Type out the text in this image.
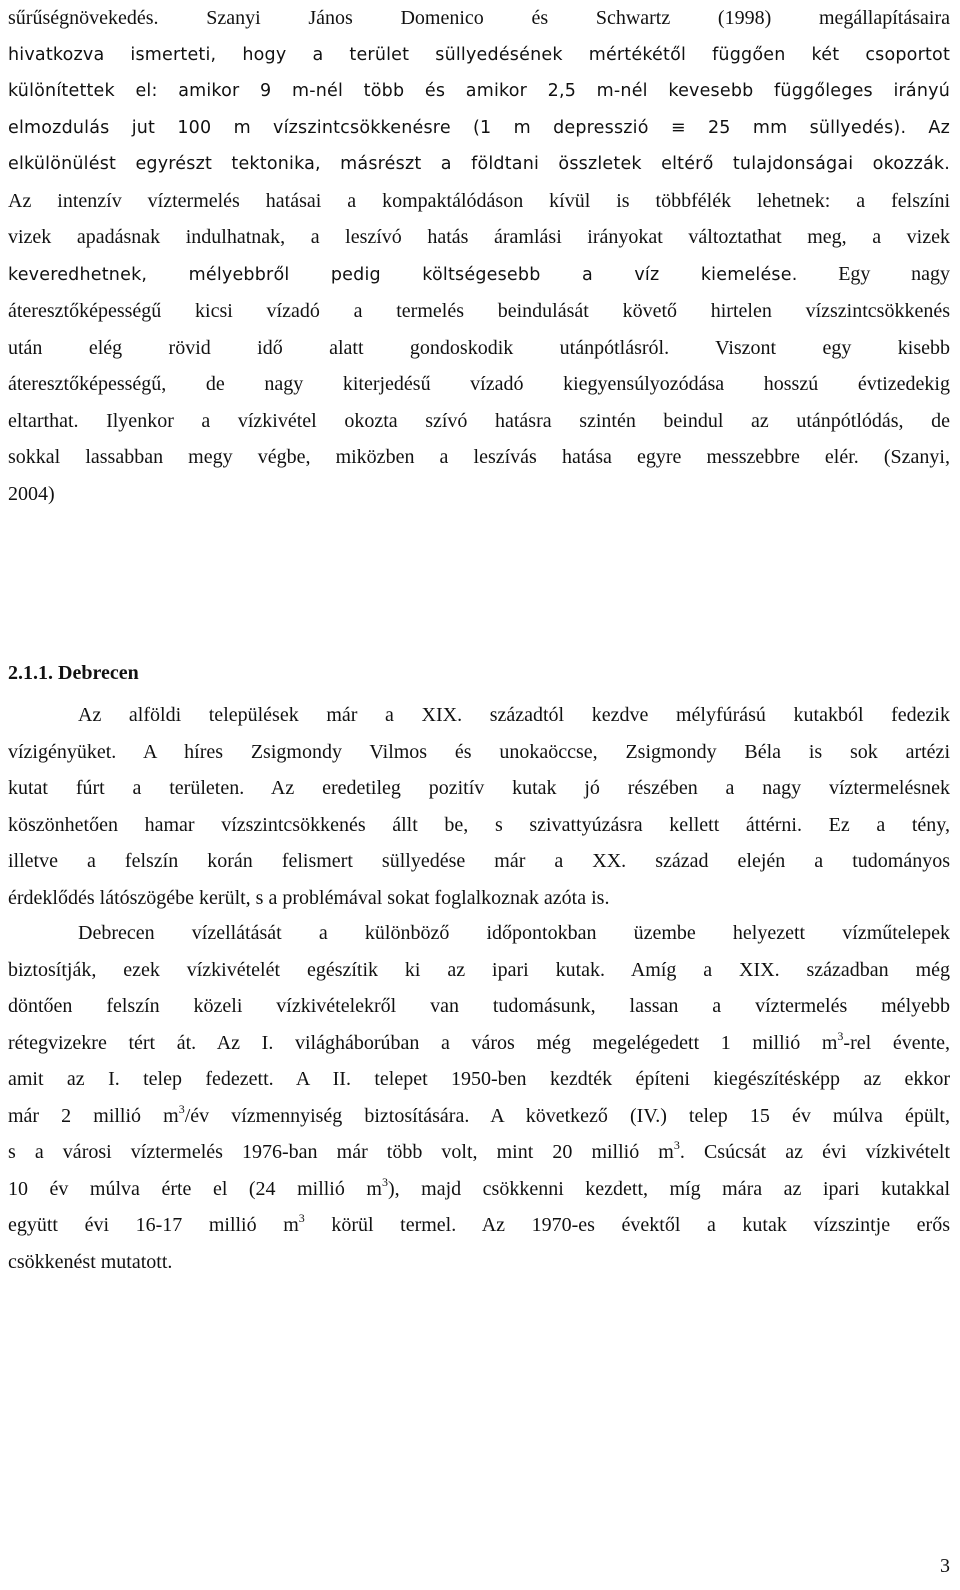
sűrűségnövekedés. Szanyi János Domenico és Schwartz (1998) megállapításaira
hivatkozva ismerteti, hogy a terület süllyedésének mértékétől függően két csoportot
különítettek el: amikor 9 m-nél több és amikor 2,5 m-nél kevesebb függőleges irányú
elmozdulás jut 100 m vízszintcsökkenésre (1 m depresszió ≡ 25 mm süllyedés). Az
elkülönülést egyrészt tektonika, másrészt a földtani összletek eltérő tulajdonságai okozzák.
Az intenzív víztermelés hatásai a kompaktálódáson kívül is többfélék lehetnek: a felszíni
vizek apadásnak indulhatnak, a leszívó hatás áramlási irányokat változtathat meg, a vizek
keveredhetnek, mélyebbről pedig költségesebb a víz kiemelése. Egy nagy
áteresztőképességű kicsi vízadó a termelés beindulását követő hirtelen vízszintcsökkenés
után elég rövid idő alatt gondoskodik utánpótlásról. Viszont egy kisebb
áteresztőképességű, de nagy kiterjedésű vízadó kiegyensúlyozódása hosszú évtizedekig
eltarthat. Ilyenkor a vízkivétel okozta szívó hatásra szintén beindul az utánpótlódás, de
sokkal lassabban megy végbe, miközben a leszívás hatása egyre messzebbre elér. (Szanyi,
2004)
2.1.1. Debrecen
Az alföldi települések már a XIX. századtól kezdve mélyfúrású kutakból fedezik
vízigényüket. A híres Zsigmondy Vilmos és unokaöccse, Zsigmondy Béla is sok artézi
kutat fúrt a területen. Az eredetileg pozitív kutak jó részében a nagy víztermelésnek
köszönhetően hamar vízszintcsökkenés állt be, s szivattyúzásra kellett áttérni. Ez a tény,
illetve a felszín korán felismert süllyedése már a XX. század elején a tudományos
érdeklődés látószögébe került, s a problémával sokat foglalkoznak azóta is.
Debrecen vízellátását a különböző időpontokban üzembe helyezett vízműtelepek
biztosítják, ezek vízkivételét egészítik ki az ipari kutak. Amíg a XIX. században még
döntően felszín közeli vízkivételekről van tudomásunk, lassan a víztermelés mélyebb
rétegvizekre tért át. Az I. világháborúban a város még megelégedett 1 millió $m^3$-rel évente,
amit az I. telep fedezett. A II. telepet 1950-ben kezdték építeni kiegészítésképp az ekkor
már 2 millió $m^3/év$ vízmennyiség biztosítására. A következő (IV.) telep 15 év múlva épült,
s a városi víztermelés 1976-ban már több volt, mint 20 millió $m^3$. Csúcsát az évi vízkivételt
10 év múlva érte el (24 millió $m^3$), majd csökkenni kezdett, míg mára az ipari kutakkal
együtt évi 16-17 millió $m^3$ körül termel. Az 1970-es évektől a kutak vízszintje erős
csökkenést mutatott.
3
